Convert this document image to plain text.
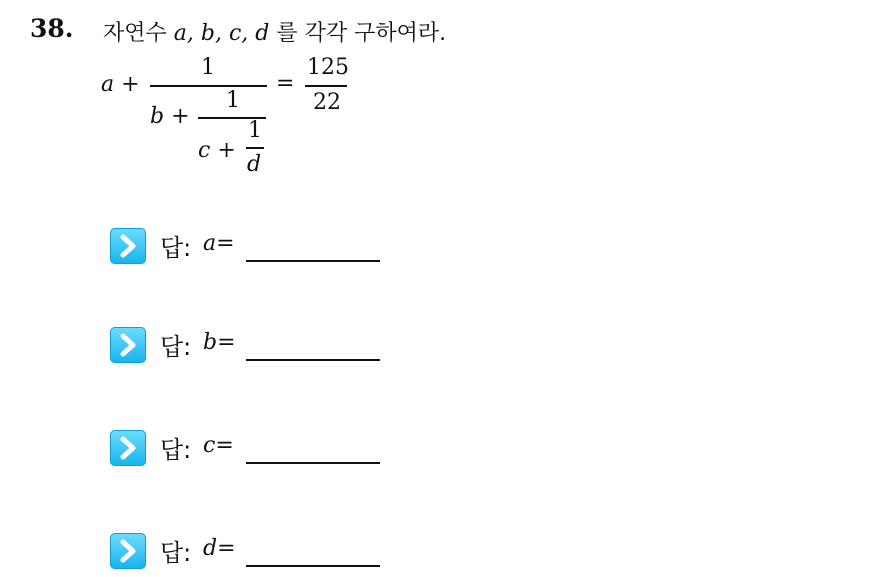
38. 자연수 a, b, c, d 를 각각 구하여라.
a +
1
b +
1
c +
1
d
=
125
22
답: a=
답: b=
답: c=
답: d=
